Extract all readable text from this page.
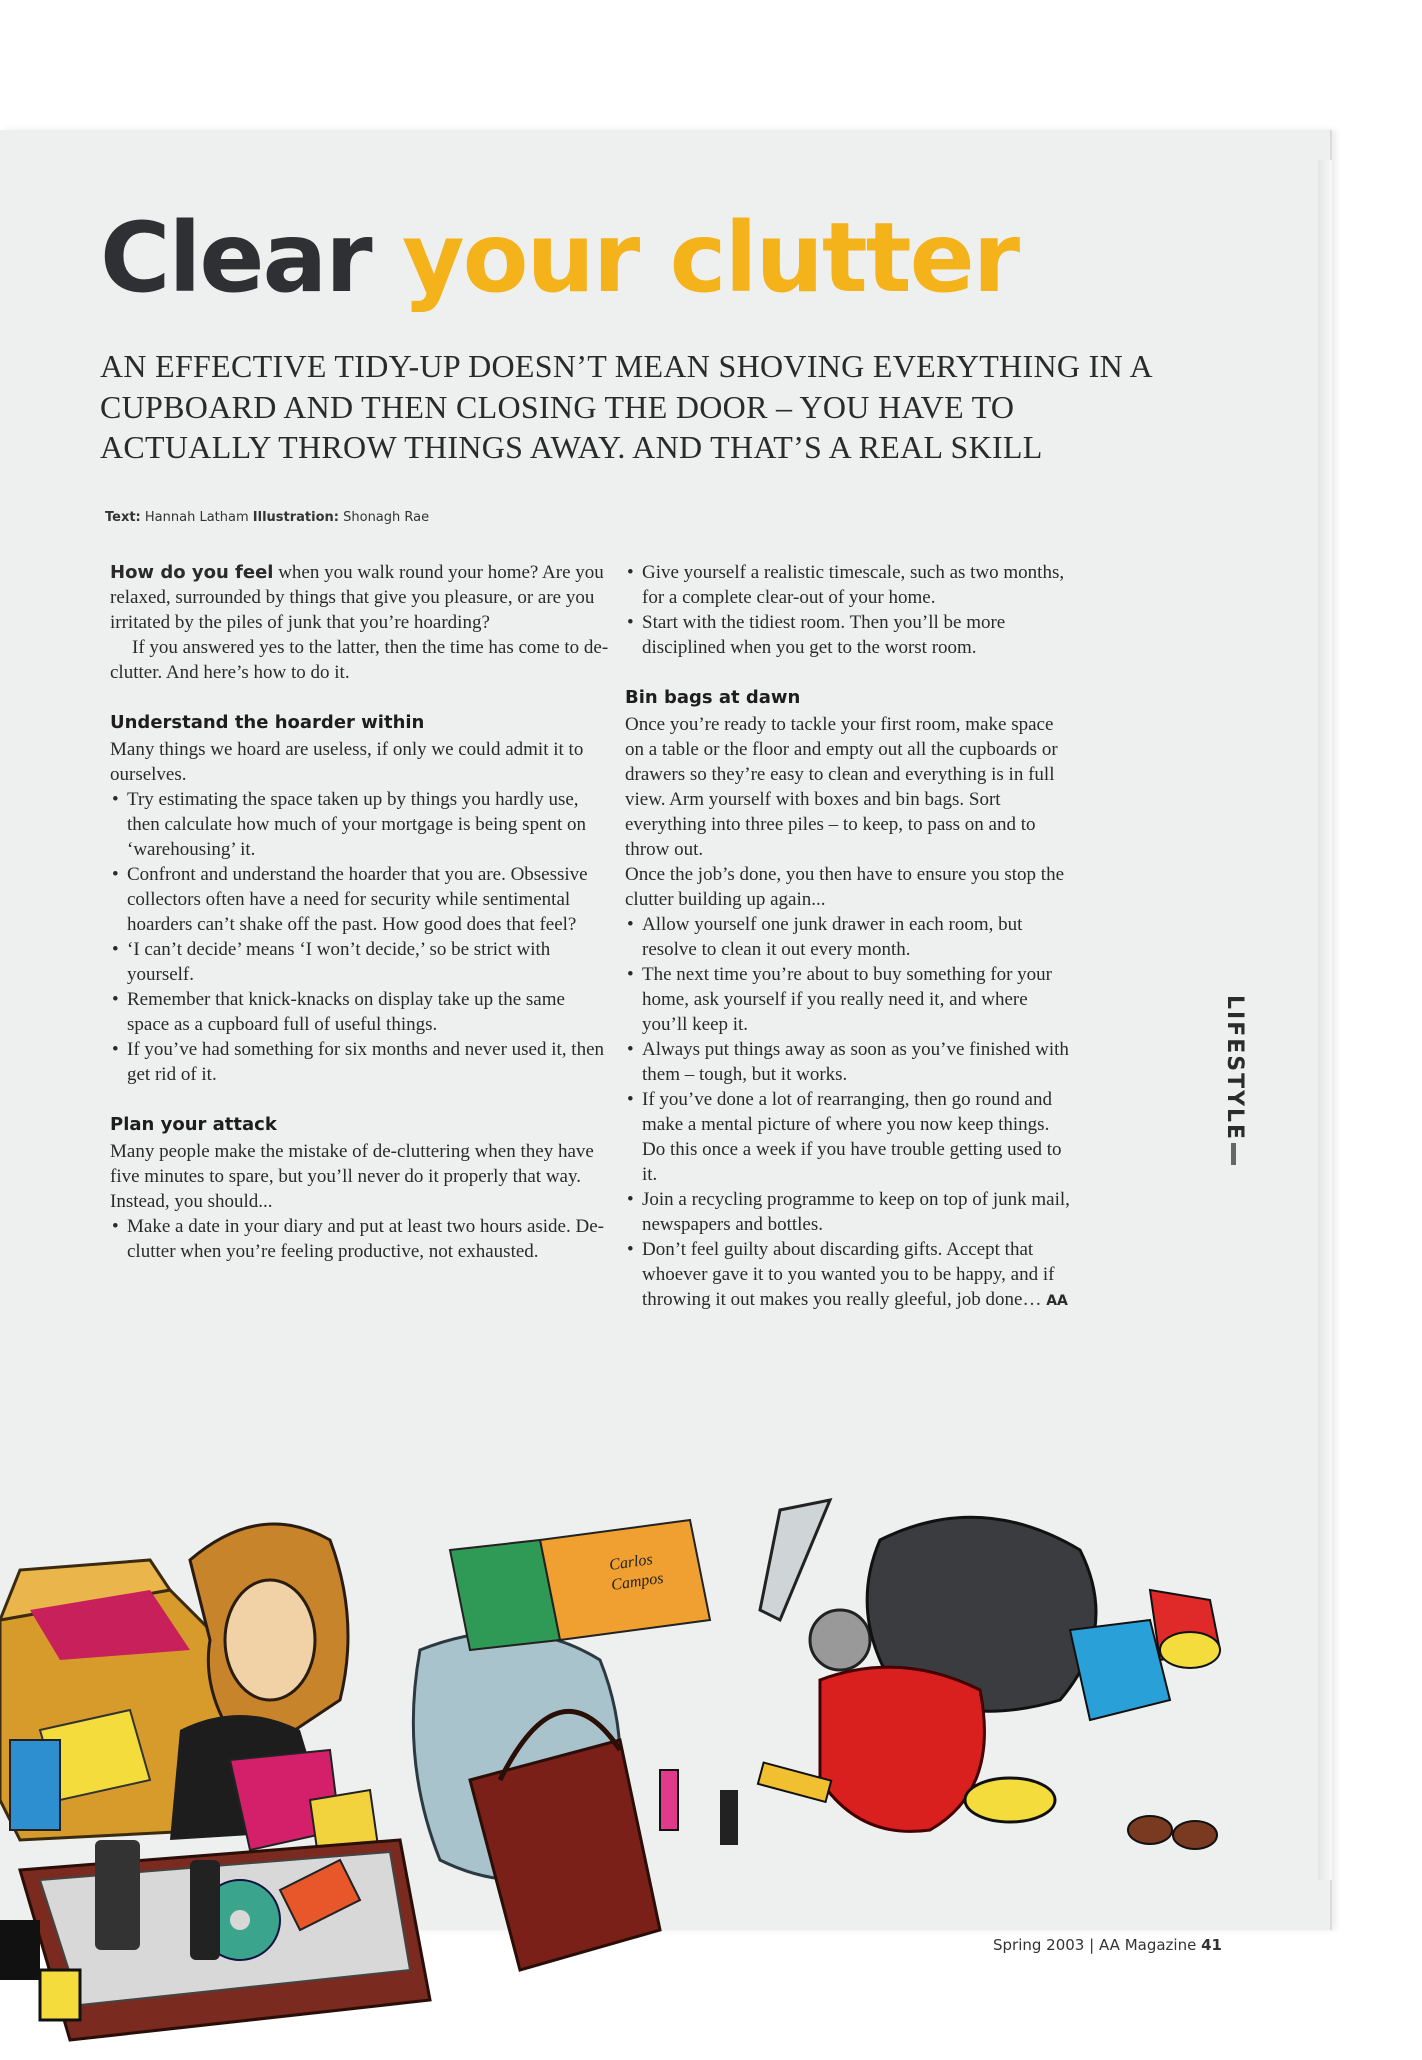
Clear your clutter

AN EFFECTIVE TIDY-UP DOESN’T MEAN SHOVING EVERYTHING IN A CUPBOARD AND THEN CLOSING THE DOOR – YOU HAVE TO ACTUALLY THROW THINGS AWAY. AND THAT’S A REAL SKILL

Text: Hannah Latham Illustration: Shonagh Rae

How do you feel when you walk round your home? Are you relaxed, surrounded by things that give you pleasure, or are you irritated by the piles of junk that you’re hoarding?

If you answered yes to the latter, then the time has come to de-clutter. And here’s how to do it.

Understand the hoarder within

Many things we hoard are useless, if only we could admit it to ourselves.

• Try estimating the space taken up by things you hardly use, then calculate how much of your mortgage is being spent on ‘warehousing’ it.
• Confront and understand the hoarder that you are. Obsessive collectors often have a need for security while sentimental hoarders can’t shake off the past. How good does that feel?
• ‘I can’t decide’ means ‘I won’t decide,’ so be strict with yourself.
• Remember that knick-knacks on display take up the same space as a cupboard full of useful things.
• If you’ve had something for six months and never used it, then get rid of it.
Plan your attack

Many people make the mistake of de-cluttering when they have five minutes to spare, but you’ll never do it properly that way. Instead, you should...

• Make a date in your diary and put at least two hours aside. De-clutter when you’re feeling productive, not exhausted.
• Give yourself a realistic timescale, such as two months, for a complete clear-out of your home.
• Start with the tidiest room. Then you’ll be more disciplined when you get to the worst room.
Bin bags at dawn

Once you’re ready to tackle your first room, make space on a table or the floor and empty out all the cupboards or drawers so they’re easy to clean and everything is in full view. Arm yourself with boxes and bin bags. Sort everything into three piles – to keep, to pass on and to throw out.

Once the job’s done, you then have to ensure you stop the clutter building up again...

• Allow yourself one junk drawer in each room, but resolve to clean it out every month.
• The next time you’re about to buy something for your home, ask yourself if you really need it, and where you’ll keep it.
• Always put things away as soon as you’ve finished with them – tough, but it works.
• If you’ve done a lot of rearranging, then go round and make a mental picture of where you now keep things. Do this once a week if you have trouble getting used to it.
• Join a recycling programme to keep on top of junk mail, newspapers and bottles.
• Don’t feel guilty about discarding gifts. Accept that whoever gave it to you wanted you to be happy, and if throwing it out makes you really gleeful, job done… AA
LIFESTYLE
Carlos
Campos
Spring 2003 | AA Magazine 41
